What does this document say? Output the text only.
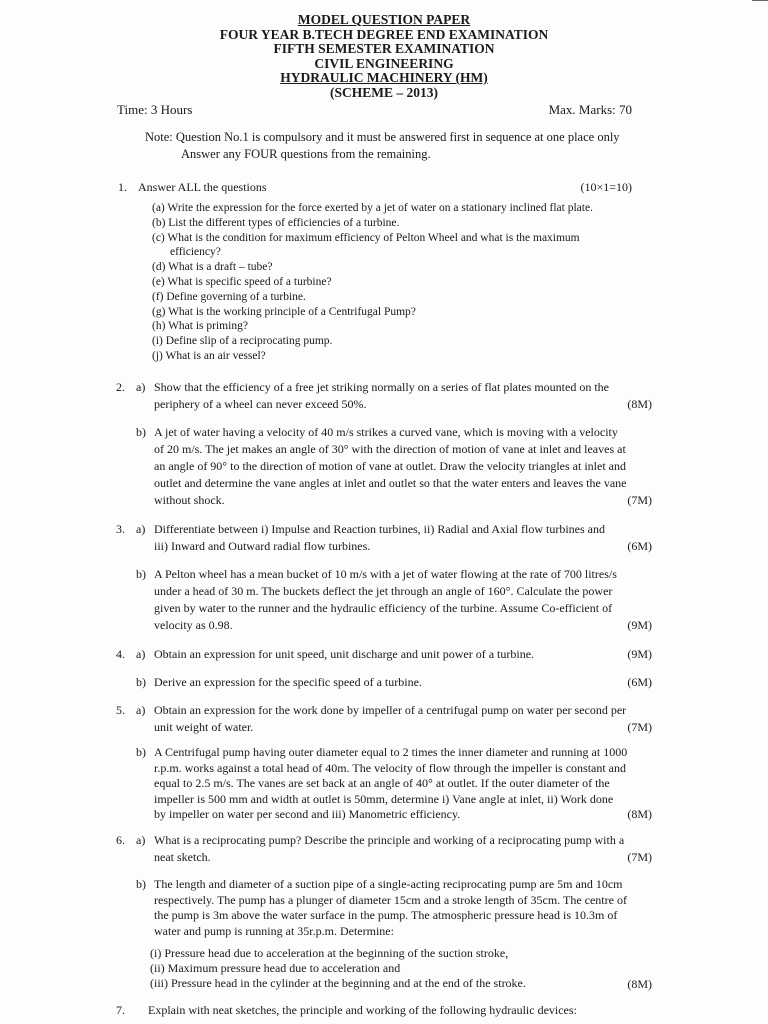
MODEL QUESTION PAPER
FOUR YEAR B.TECH DEGREE END EXAMINATION
FIFTH SEMESTER EXAMINATION
CIVIL ENGINEERING
HYDRAULIC MACHINERY (HM)
(SCHEME – 2013)
Time: 3 Hours	Max. Marks: 70
Note: Question No.1 is compulsory and it must be answered first in sequence at one place only
Answer any FOUR questions from the remaining.
1. Answer ALL the questions	(10×1=10)
(a) Write the expression for the force exerted by a jet of water on a stationary inclined flat plate.
(b) List the different types of efficiencies of a turbine.
(c) What is the condition for maximum efficiency of Pelton Wheel and what is the maximum
efficiency?
(d) What is a draft – tube?
(e) What is specific speed of a turbine?
(f) Define governing of a turbine.
(g) What is the working principle of a Centrifugal Pump?
(h) What is priming?
(i) Define slip of a reciprocating pump.
(j) What is an air vessel?
2. a) Show that the efficiency of a free jet striking normally on a series of flat plates mounted on the
periphery of a wheel can never exceed 50%.	(8M)
b) A jet of water having a velocity of 40 m/s strikes a curved vane, which is moving with a velocity
of 20 m/s. The jet makes an angle of 30° with the direction of motion of vane at inlet and leaves at
an angle of 90° to the direction of motion of vane at outlet. Draw the velocity triangles at inlet and
outlet and determine the vane angles at inlet and outlet so that the water enters and leaves the vane
without shock.	(7M)
3. a) Differentiate between i) Impulse and Reaction turbines, ii) Radial and Axial flow turbines and
iii) Inward and Outward radial flow turbines.	(6M)
b) A Pelton wheel has a mean bucket of 10 m/s with a jet of water flowing at the rate of 700 litres/s
under a head of 30 m. The buckets deflect the jet through an angle of 160°. Calculate the power
given by water to the runner and the hydraulic efficiency of the turbine. Assume Co-efficient of
velocity as 0.98.	(9M)
4. a) Obtain an expression for unit speed, unit discharge and unit power of a turbine.	(9M)
b) Derive an expression for the specific speed of a turbine.	(6M)
5. a) Obtain an expression for the work done by impeller of a centrifugal pump on water per second per
unit weight of water.	(7M)
b) A Centrifugal pump having outer diameter equal to 2 times the inner diameter and running at 1000
r.p.m. works against a total head of 40m. The velocity of flow through the impeller is constant and
equal to 2.5 m/s. The vanes are set back at an angle of 40° at outlet. If the outer diameter of the
impeller is 500 mm and width at outlet is 50mm, determine i) Vane angle at inlet, ii) Work done
by impeller on water per second and iii) Manometric efficiency.	(8M)
6. a) What is a reciprocating pump? Describe the principle and working of a reciprocating pump with a
neat sketch.	(7M)
b) The length and diameter of a suction pipe of a single-acting reciprocating pump are 5m and 10cm
respectively. The pump has a plunger of diameter 15cm and a stroke length of 35cm. The centre of
the pump is 3m above the water surface in the pump. The atmospheric pressure head is 10.3m of
water and pump is running at 35r.p.m. Determine:
(i) Pressure head due to acceleration at the beginning of the suction stroke,
(ii) Maximum pressure head due to acceleration and
(iii) Pressure head in the cylinder at the beginning and at the end of the stroke.	(8M)
7. Explain with neat sketches, the principle and working of the following hydraulic devices:
